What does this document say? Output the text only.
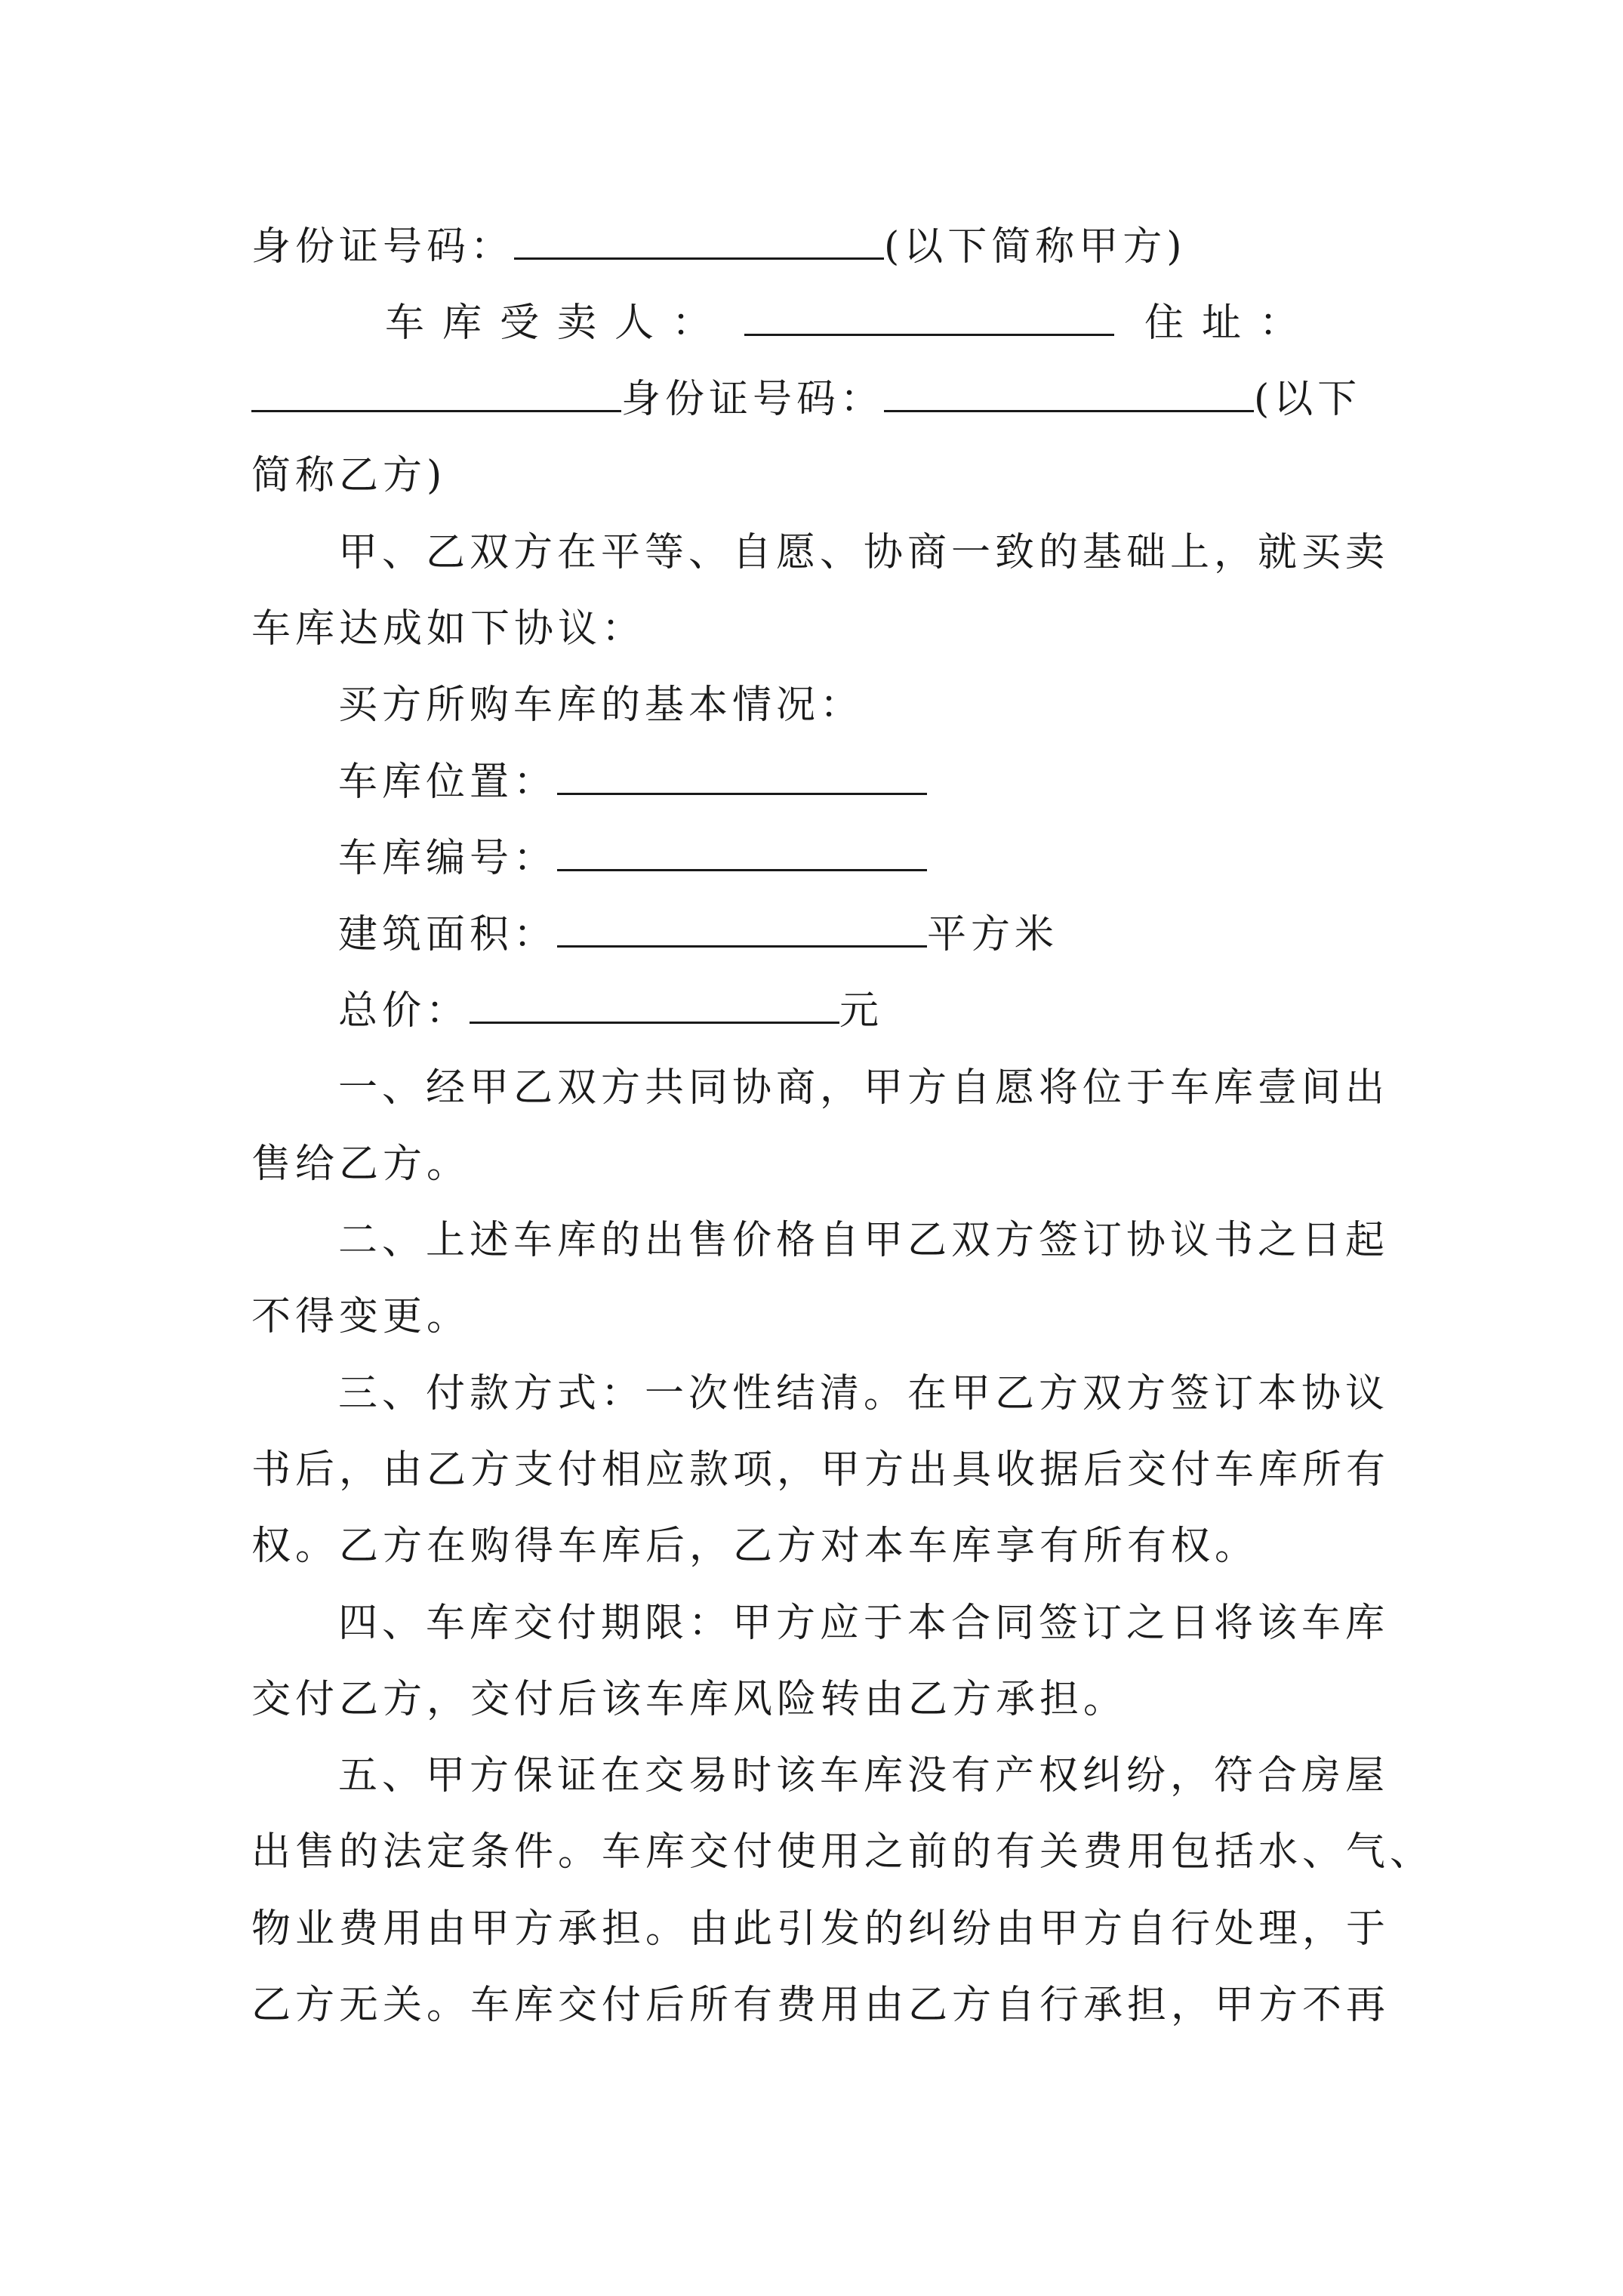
身份证号码：	(以下简称甲方)
车库受卖人：	住址：
身份证号码：	(以下
简称乙方)
甲、乙双方在平等、自愿、协商一致的基础上，就买卖
车库达成如下协议：
买方所购车库的基本情况：
车库位置：
车库编号：
建筑面积：	平方米
总价：	元
一、经甲乙双方共同协商，甲方自愿将位于车库壹间出
售给乙方。
二、上述车库的出售价格自甲乙双方签订协议书之日起
不得变更。
三、付款方式：一次性结清。在甲乙方双方签订本协议
书后，由乙方支付相应款项，甲方出具收据后交付车库所有
权。乙方在购得车库后，乙方对本车库享有所有权。
四、车库交付期限：甲方应于本合同签订之日将该车库
交付乙方，交付后该车库风险转由乙方承担。
五、甲方保证在交易时该车库没有产权纠纷，符合房屋
出售的法定条件。车库交付使用之前的有关费用包括水、气、
物业费用由甲方承担。由此引发的纠纷由甲方自行处理，于
乙方无关。车库交付后所有费用由乙方自行承担，甲方不再
